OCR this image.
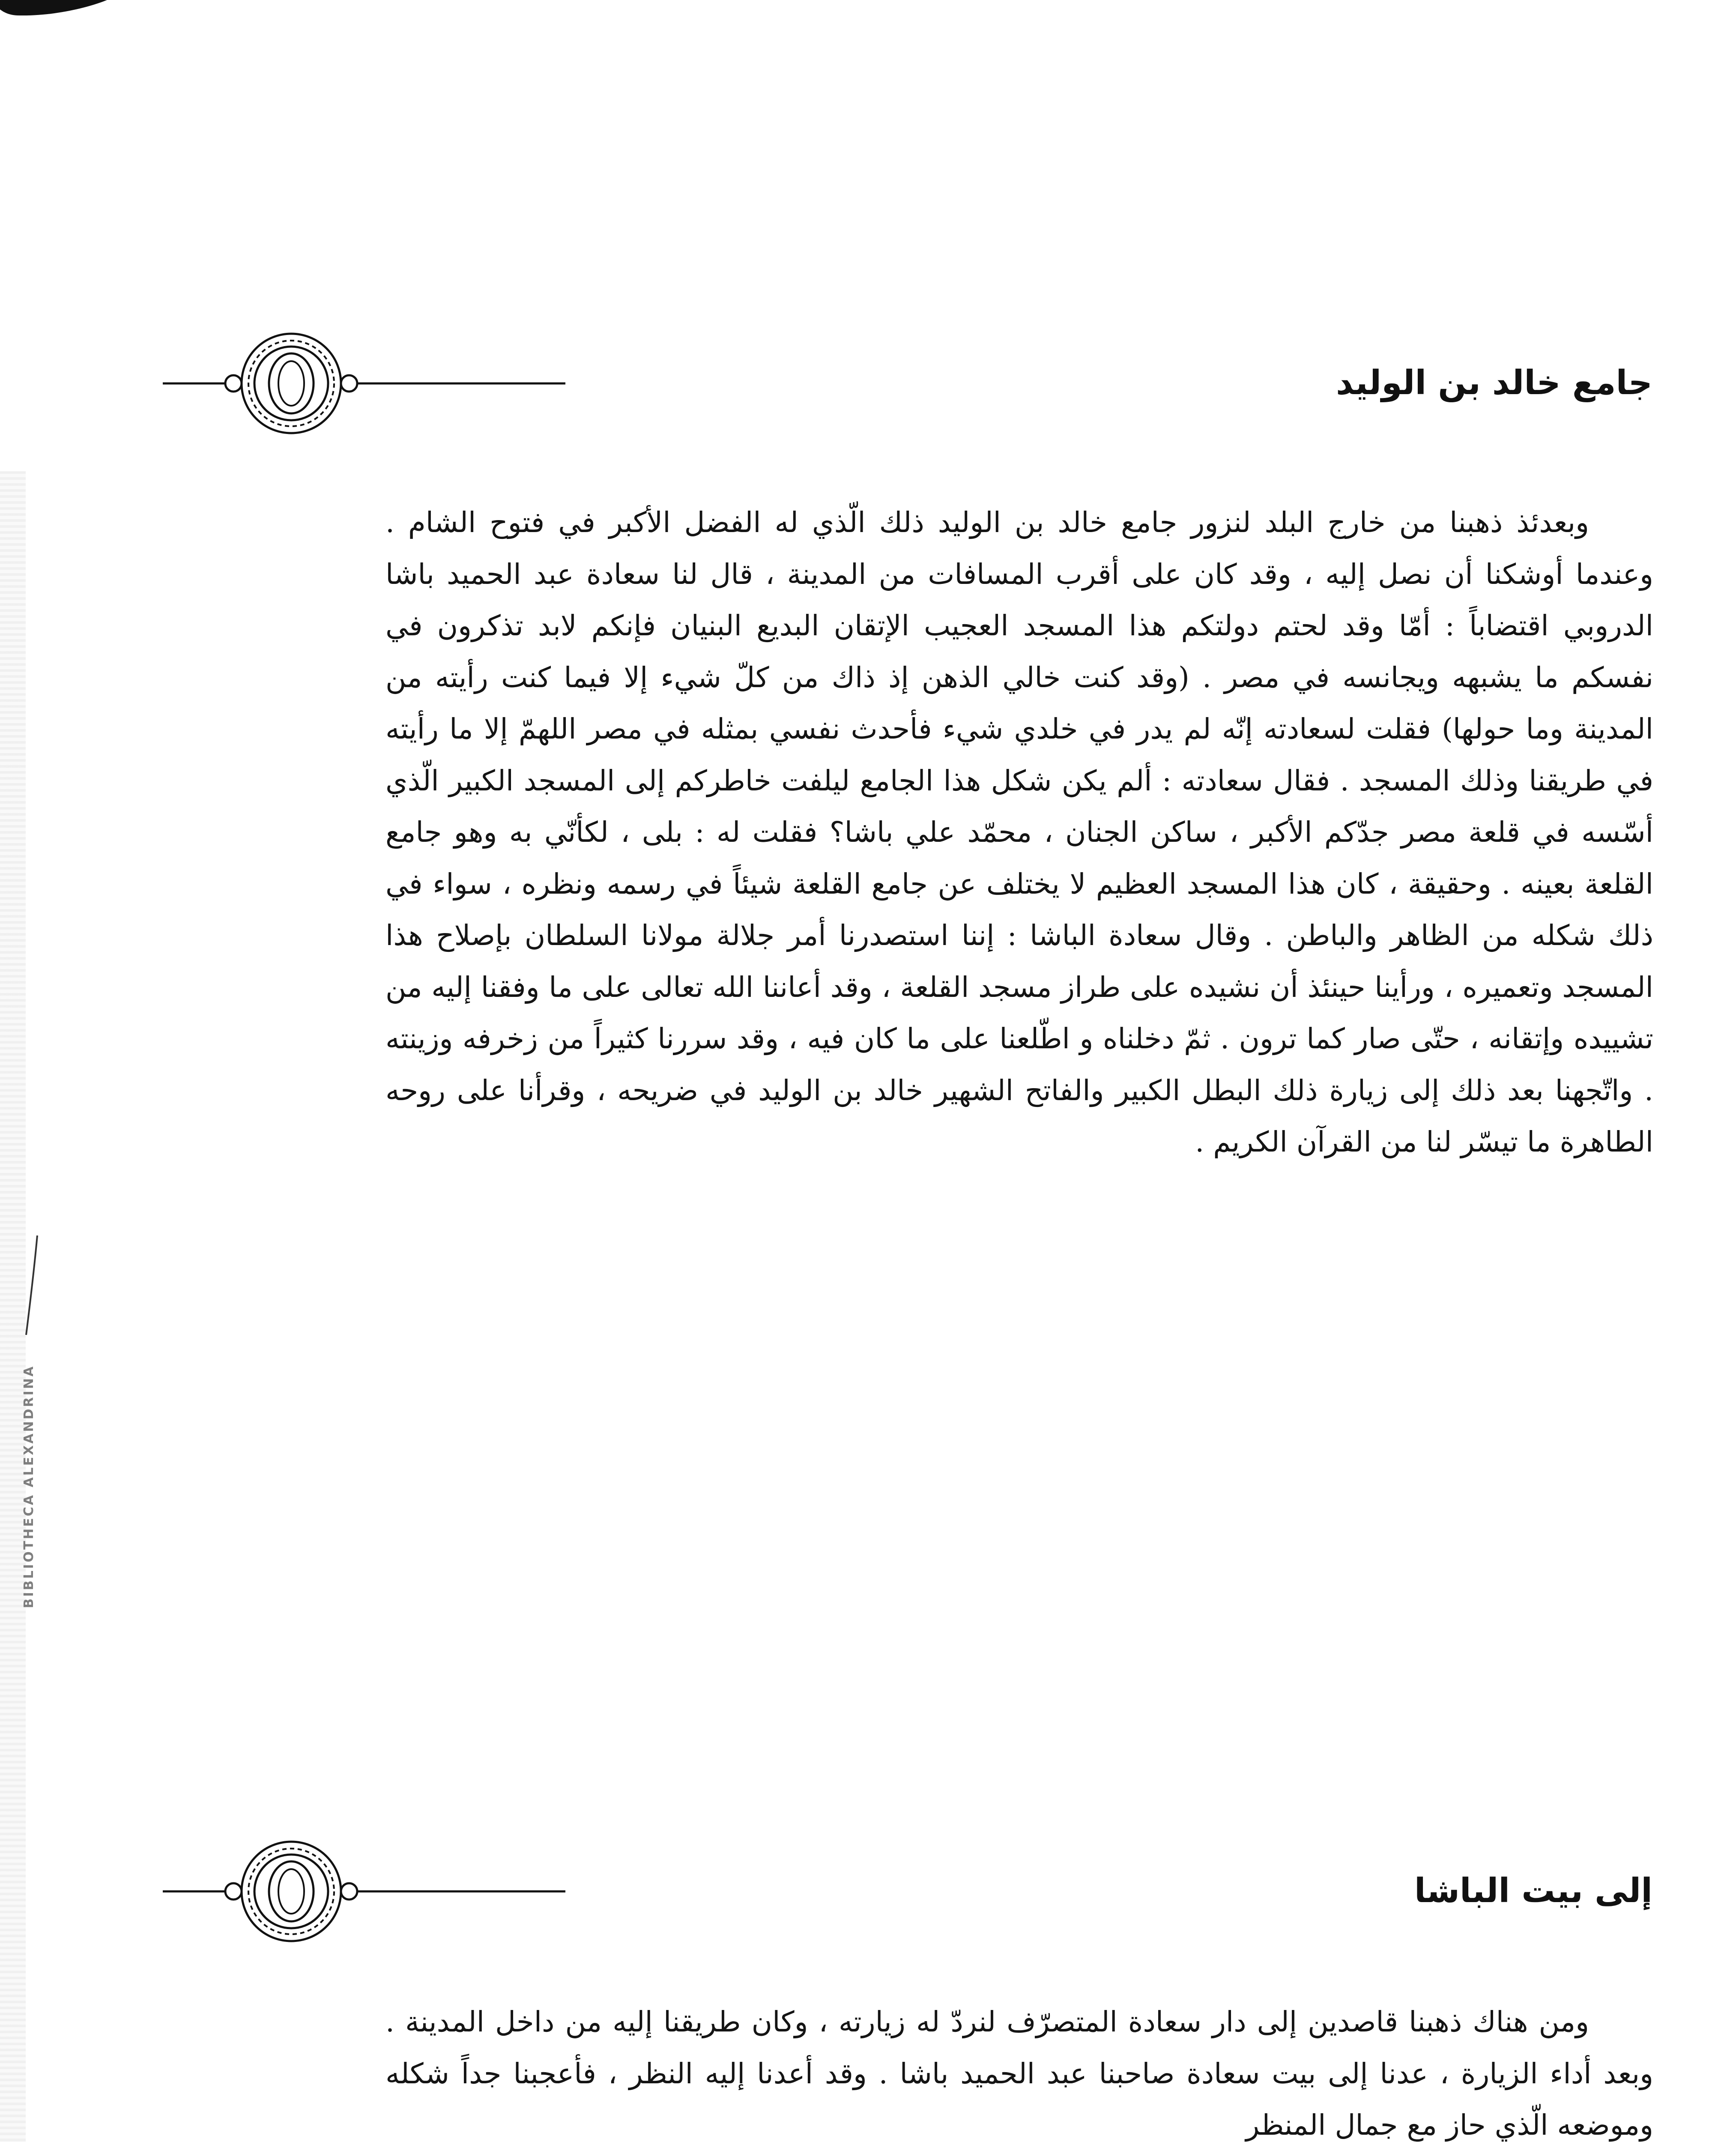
BIBLIOTHECA ALEXANDRINA
جامع خالد بن الوليد

وبعدئذ ذهبنا من خارج البلد لنزور جامع خالد بن الوليد ذلك الّذي له الفضل الأكبر في فتوح الشام . وعندما أوشكنا أن نصل إليه ، وقد كان على أقرب المسافات من المدينة ، قال لنا سعادة عبد الحميد باشا الدروبي اقتضاباً : أمّا وقد لحتم دولتكم هذا المسجد العجيب الإتقان البديع البنيان فإنكم لابد تذكرون في نفسكم ما يشبهه ويجانسه في مصر . (وقد كنت خالي الذهن إذ ذاك من كلّ شيء إلا فيما كنت رأيته من المدينة وما حولها) فقلت لسعادته إنّه لم يدر في خلدي شيء فأحدث نفسي بمثله في مصر اللهمّ إلا ما رأيته في طريقنا وذلك المسجد . فقال سعادته : ألم يكن شكل هذا الجامع ليلفت خاطركم إلى المسجد الكبير الّذي أسّسه في قلعة مصر جدّكم الأكبر ، ساكن الجنان ، محمّد علي باشا؟ فقلت له : بلى ، لكأنّي به وهو جامع القلعة بعينه . وحقيقة ، كان هذا المسجد العظيم لا يختلف عن جامع القلعة شيئاً في رسمه ونظره ، سواء في ذلك شكله من الظاهر والباطن . وقال سعادة الباشا : إننا استصدرنا أمر جلالة مولانا السلطان بإصلاح هذا المسجد وتعميره ، ورأينا حينئذ أن نشيده على طراز مسجد القلعة ، وقد أعاننا الله تعالى على ما وفقنا إليه من تشييده وإتقانه ، حتّى صار كما ترون . ثمّ دخلناه و اطّلعنا على ما كان فيه ، وقد سررنا كثيراً من زخرفه وزينته . واتّجهنا بعد ذلك إلى زيارة ذلك البطل الكبير والفاتح الشهير خالد بن الوليد في ضريحه ، وقرأنا على روحه الطاهرة ما تيسّر لنا من القرآن الكريم .

إلى بيت الباشا

ومن هناك ذهبنا قاصدين إلى دار سعادة المتصرّف لنردّ له زيارته ، وكان طريقنا إليه من داخل المدينة . وبعد أداء الزيارة ، عدنا إلى بيت سعادة صاحبنا عبد الحميد باشا . وقد أعدنا إليه النظر ، فأعجبنا جداً شكله وموضعه الّذي حاز مع جمال المنظر
